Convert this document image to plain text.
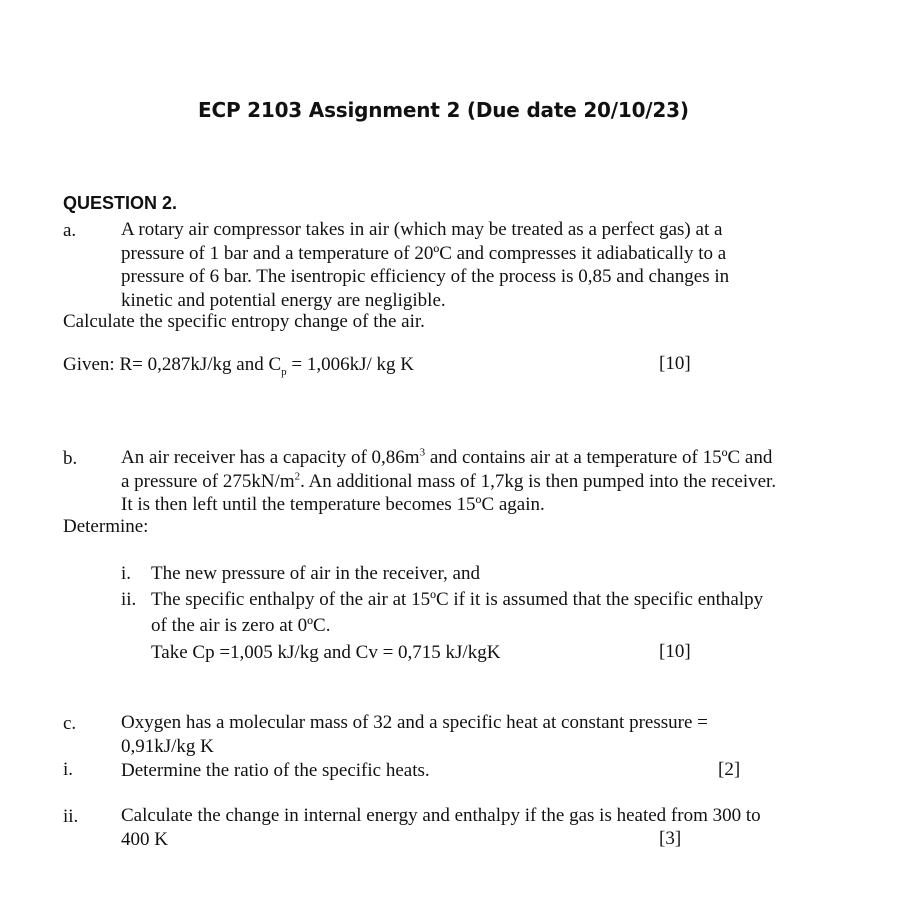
ECP 2103 Assignment 2 (Due date 20/10/23)
QUESTION 2.
a. A rotary air compressor takes in air (which may be treated as a perfect gas) at a
pressure of 1 bar and a temperature of 20ºC and compresses it adiabatically to a
pressure of 6 bar. The isentropic efficiency of the process is 0,85 and changes in
kinetic and potential energy are negligible.
Calculate the specific entropy change of the air.
Given: R= 0,287kJ/kg and $C_p = 1,006kJ/$ kg K	[10]
b. An air receiver has a capacity of $0,86m^3$ and contains air at a temperature of 15ºC and
a pressure of $275kN/m^2$. An additional mass of 1,7kg is then pumped into the receiver.
It is then left until the temperature becomes 15ºC again.
Determine:
i. The new pressure of air in the receiver, and
ii. The specific enthalpy of the air at 15ºC if it is assumed that the specific enthalpy
of the air is zero at 0ºC.
Take Cp =1,005 kJ/kg and Cv = 0,715 kJ/kgK	[10]
c. Oxygen has a molecular mass of 32 and a specific heat at constant pressure =
0,91kJ/kg K
i.	Determine the ratio of the specific heats.	[2]
ii. Calculate the change in internal energy and enthalpy if the gas is heated from 300 to
400 K	[3]
